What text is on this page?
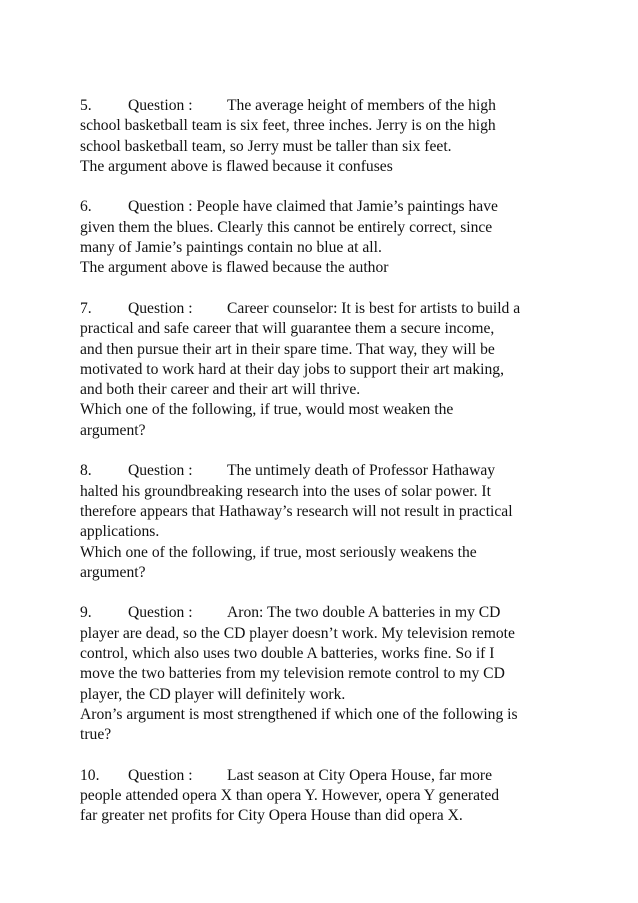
5. Question : The average height of members of the high
school basketball team is six feet, three inches. Jerry is on the high
school basketball team, so Jerry must be taller than six feet.
The argument above is flawed because it confuses
6. Question : People have claimed that Jamie’s paintings have
given them the blues. Clearly this cannot be entirely correct, since
many of Jamie’s paintings contain no blue at all.
The argument above is flawed because the author
7. Question : Career counselor: It is best for artists to build a
practical and safe career that will guarantee them a secure income,
and then pursue their art in their spare time. That way, they will be
motivated to work hard at their day jobs to support their art making,
and both their career and their art will thrive.
Which one of the following, if true, would most weaken the
argument?
8. Question : The untimely death of Professor Hathaway
halted his groundbreaking research into the uses of solar power. It
therefore appears that Hathaway’s research will not result in practical
applications.
Which one of the following, if true, most seriously weakens the
argument?
9. Question : Aron: The two double A batteries in my CD
player are dead, so the CD player doesn’t work. My television remote
control, which also uses two double A batteries, works fine. So if I
move the two batteries from my television remote control to my CD
player, the CD player will definitely work.
Aron’s argument is most strengthened if which one of the following is
true?
10. Question : Last season at City Opera House, far more
people attended opera X than opera Y. However, opera Y generated
far greater net profits for City Opera House than did opera X.
